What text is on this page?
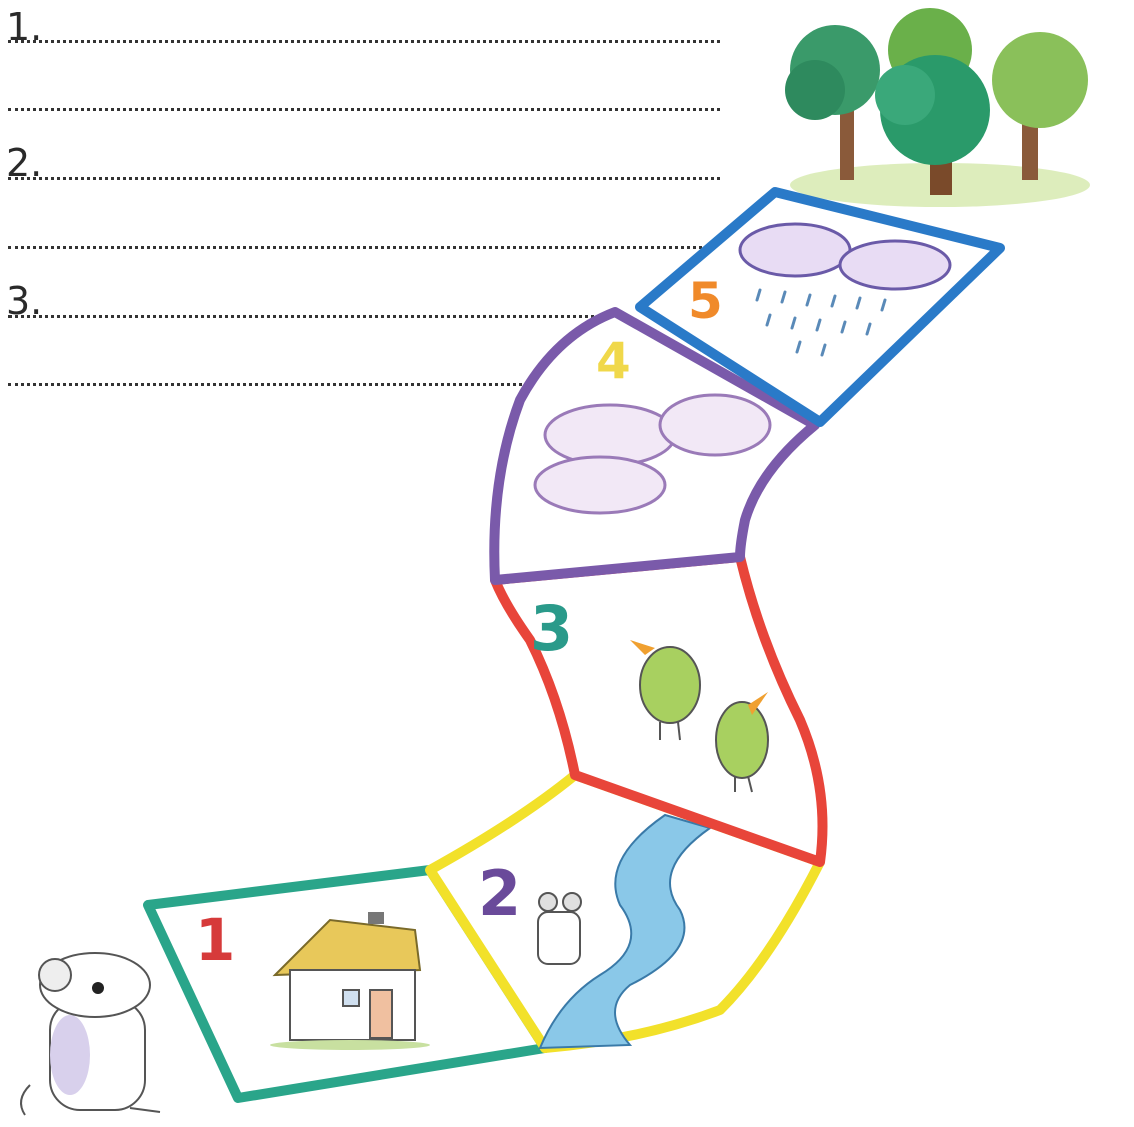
1.
2.
3.
1
2
3
4
5
